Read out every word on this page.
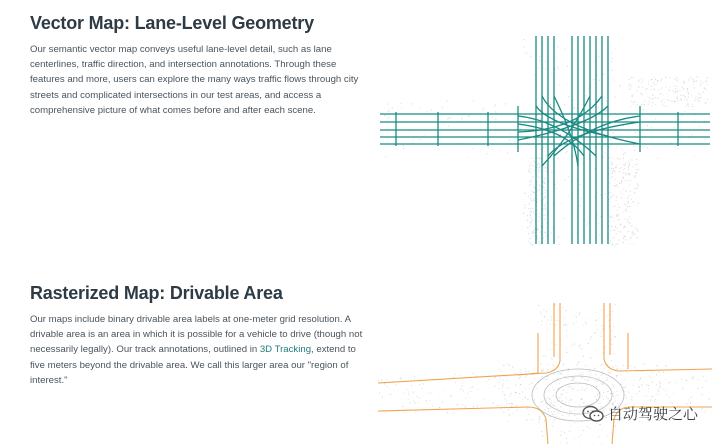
Vector Map: Lane-Level Geometry

Our semantic vector map conveys useful lane-level detail, such as lane centerlines, traffic direction, and intersection annotations. Through these features and more, users can explore the many ways traffic flows through city streets and complicated intersections in our test areas, and access a comprehensive picture of what comes before and after each scene.

Rasterized Map: Drivable Area

Our maps include binary drivable area labels at one-meter grid resolution. A drivable area is an area in which it is possible for a vehicle to drive (though not necessarily legally). Our track annotations, outlined in 3D Tracking, extend to five meters beyond the drivable area. We call this larger area our "region of interest."

自动驾驶之心
